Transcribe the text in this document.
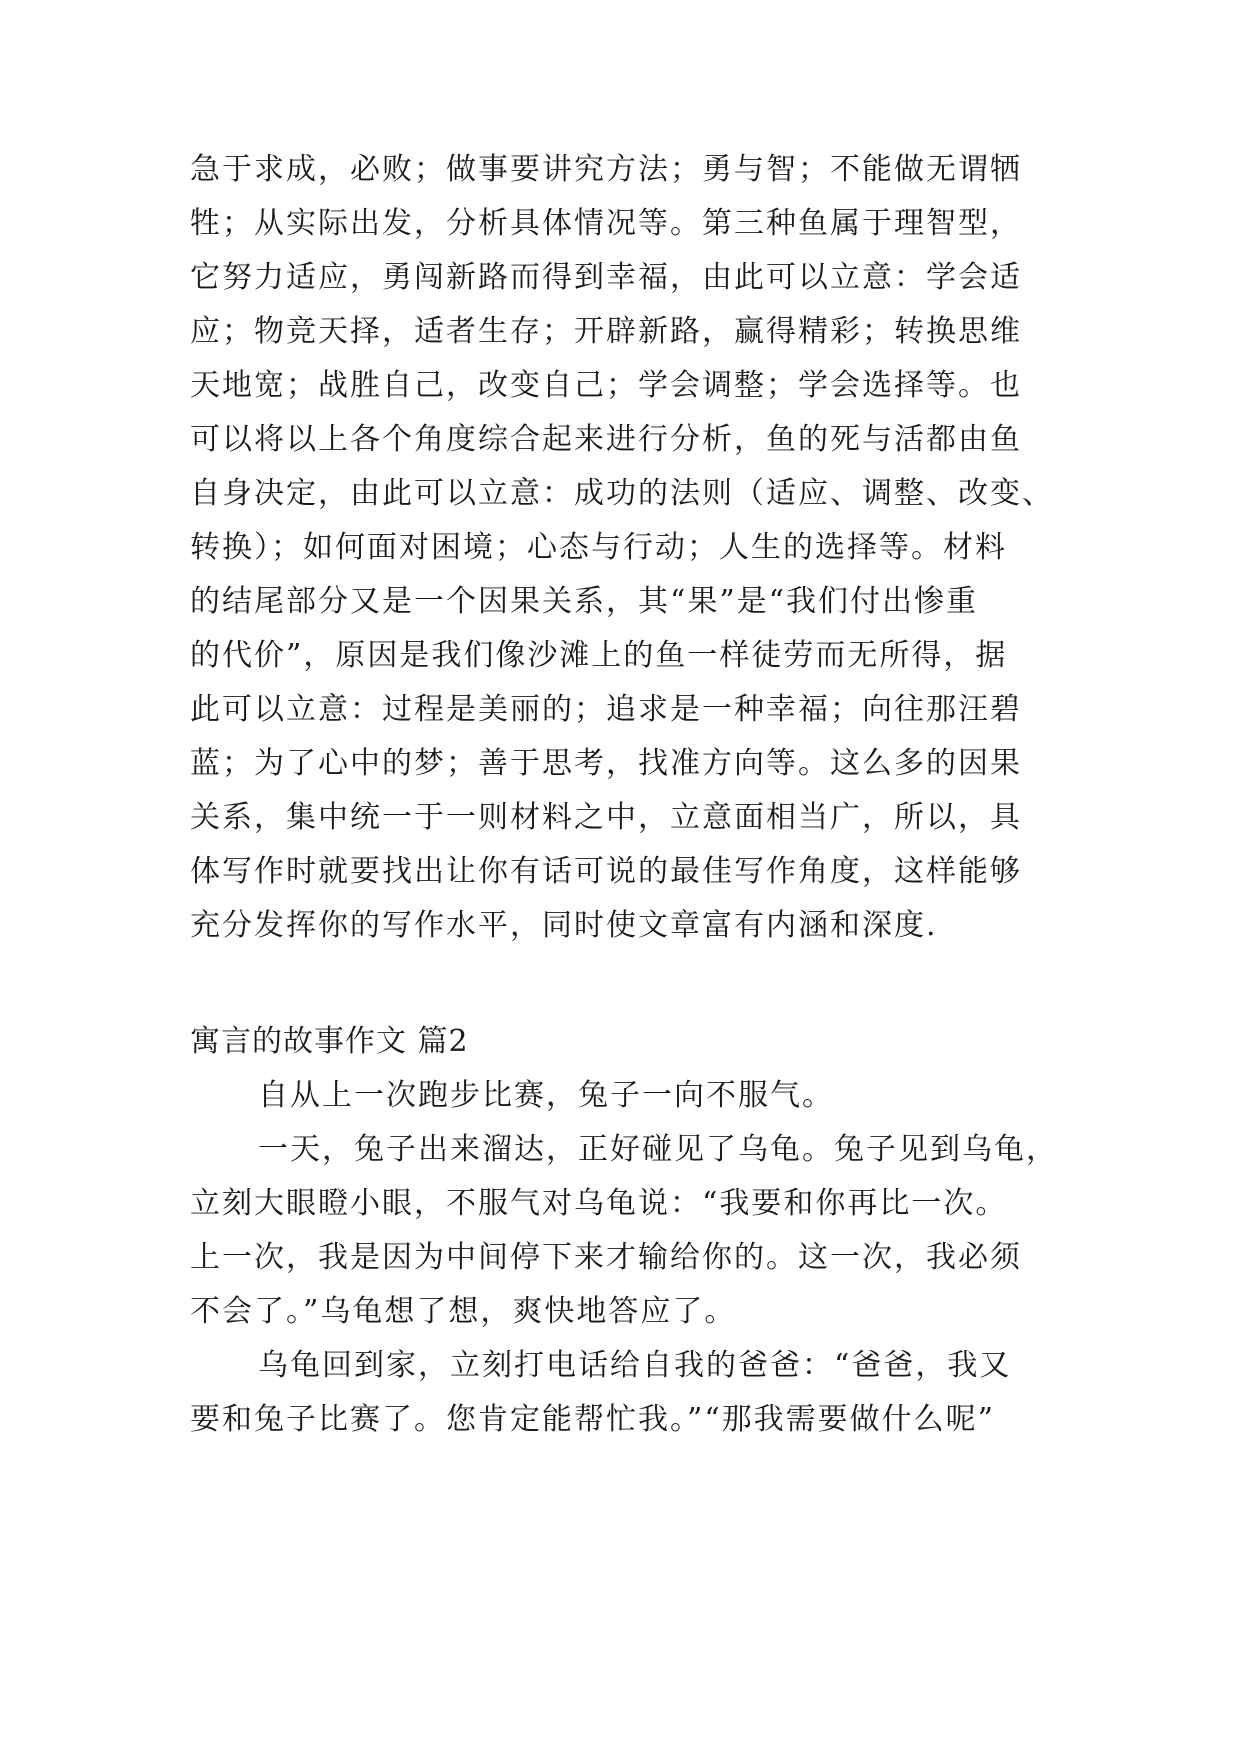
急于求成，必败；做事要讲究方法；勇与智；不能做无谓牺
牲；从实际出发，分析具体情况等。第三种鱼属于理智型，
它努力适应，勇闯新路而得到幸福，由此可以立意：学会适
应；物竞天择，适者生存；开辟新路，赢得精彩；转换思维
天地宽；战胜自己，改变自己；学会调整；学会选择等。也
可以将以上各个角度综合起来进行分析，鱼的死与活都由鱼
自身决定，由此可以立意：成功的法则（适应、调整、改变、
转换）；如何面对困境；心态与行动；人生的选择等。材料
的结尾部分又是一个因果关系，其“果”是“我们付出惨重
的代价”，原因是我们像沙滩上的鱼一样徒劳而无所得，据
此可以立意：过程是美丽的；追求是一种幸福；向往那汪碧
蓝；为了心中的梦；善于思考，找准方向等。这么多的因果
关系，集中统一于一则材料之中，立意面相当广，所以，具
体写作时就要找出让你有话可说的最佳写作角度，这样能够
充分发挥你的写作水平，同时使文章富有内涵和深度.
寓言的故事作文 篇2
自从上一次跑步比赛，兔子一向不服气。
一天，兔子出来溜达，正好碰见了乌龟。兔子见到乌龟，
立刻大眼瞪小眼，不服气对乌龟说：“我要和你再比一次。
上一次，我是因为中间停下来才输给你的。这一次，我必须
不会了。”乌龟想了想，爽快地答应了。
乌龟回到家，立刻打电话给自我的爸爸：“爸爸，我又
要和兔子比赛了。您肯定能帮忙我。”“那我需要做什么呢”
